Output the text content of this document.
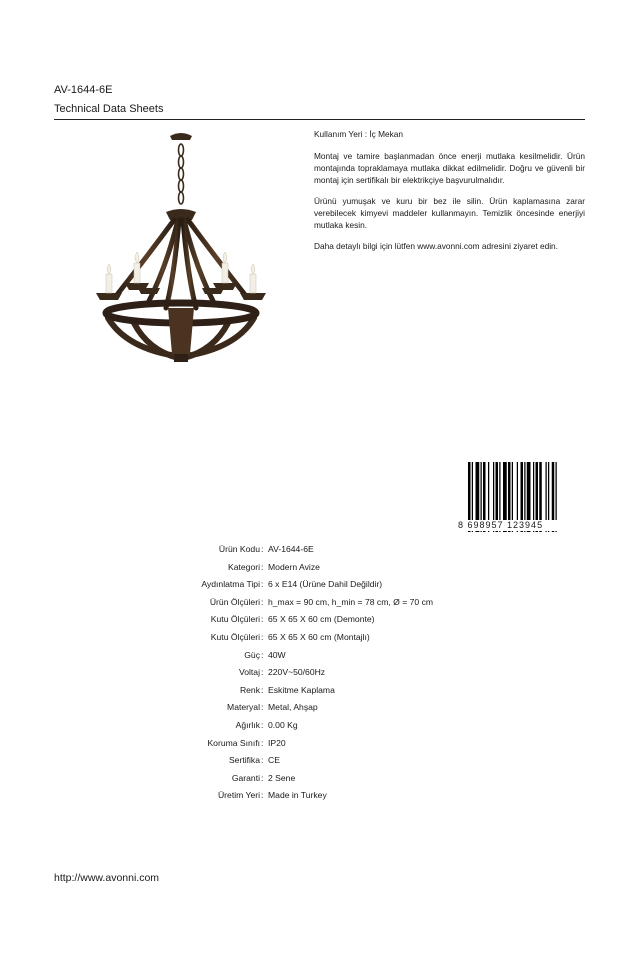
AV-1644-6E
Technical Data Sheets

Kullanım Yeri : İç Mekan

Montaj ve tamire başlanmadan önce enerji mutlaka kesilmelidir. Ürün montajında topraklamaya mutlaka dikkat edilmelidir. Doğru ve güvenli bir montaj için sertifikalı bir elektrikçiye başvurulmalıdır.

Ürünü yumuşak ve kuru bir bez ile silin. Ürün kaplamasına zarar verebilecek kimyevi maddeler kullanmayın. Temizlik öncesinde enerjiyi mutlaka kesin.

Daha detaylı bilgi için lütfen www.avonni.com adresini ziyaret edin.

8 698957 123945
Ürün Kodu : AV-1644-6E
Kategori : Modern Avize
Aydınlatma Tipi : 6 x E14 (Ürüne Dahil Değildir)
Ürün Ölçüleri : h_max = 90 cm, h_min = 78 cm, Ø = 70 cm
Kutu Ölçüleri : 65 X 65 X 60 cm (Demonte)
Kutu Ölçüleri : 65 X 65 X 60 cm (Montajlı)
Güç : 40W
Voltaj : 220V~50/60Hz
Renk : Eskitme Kaplama
Materyal : Metal, Ahşap
Ağırlık : 0.00 Kg
Koruma Sınıfı : IP20
Sertifika : CE
Garanti : 2 Sene
Üretim Yeri : Made in Turkey
http://www.avonni.com
